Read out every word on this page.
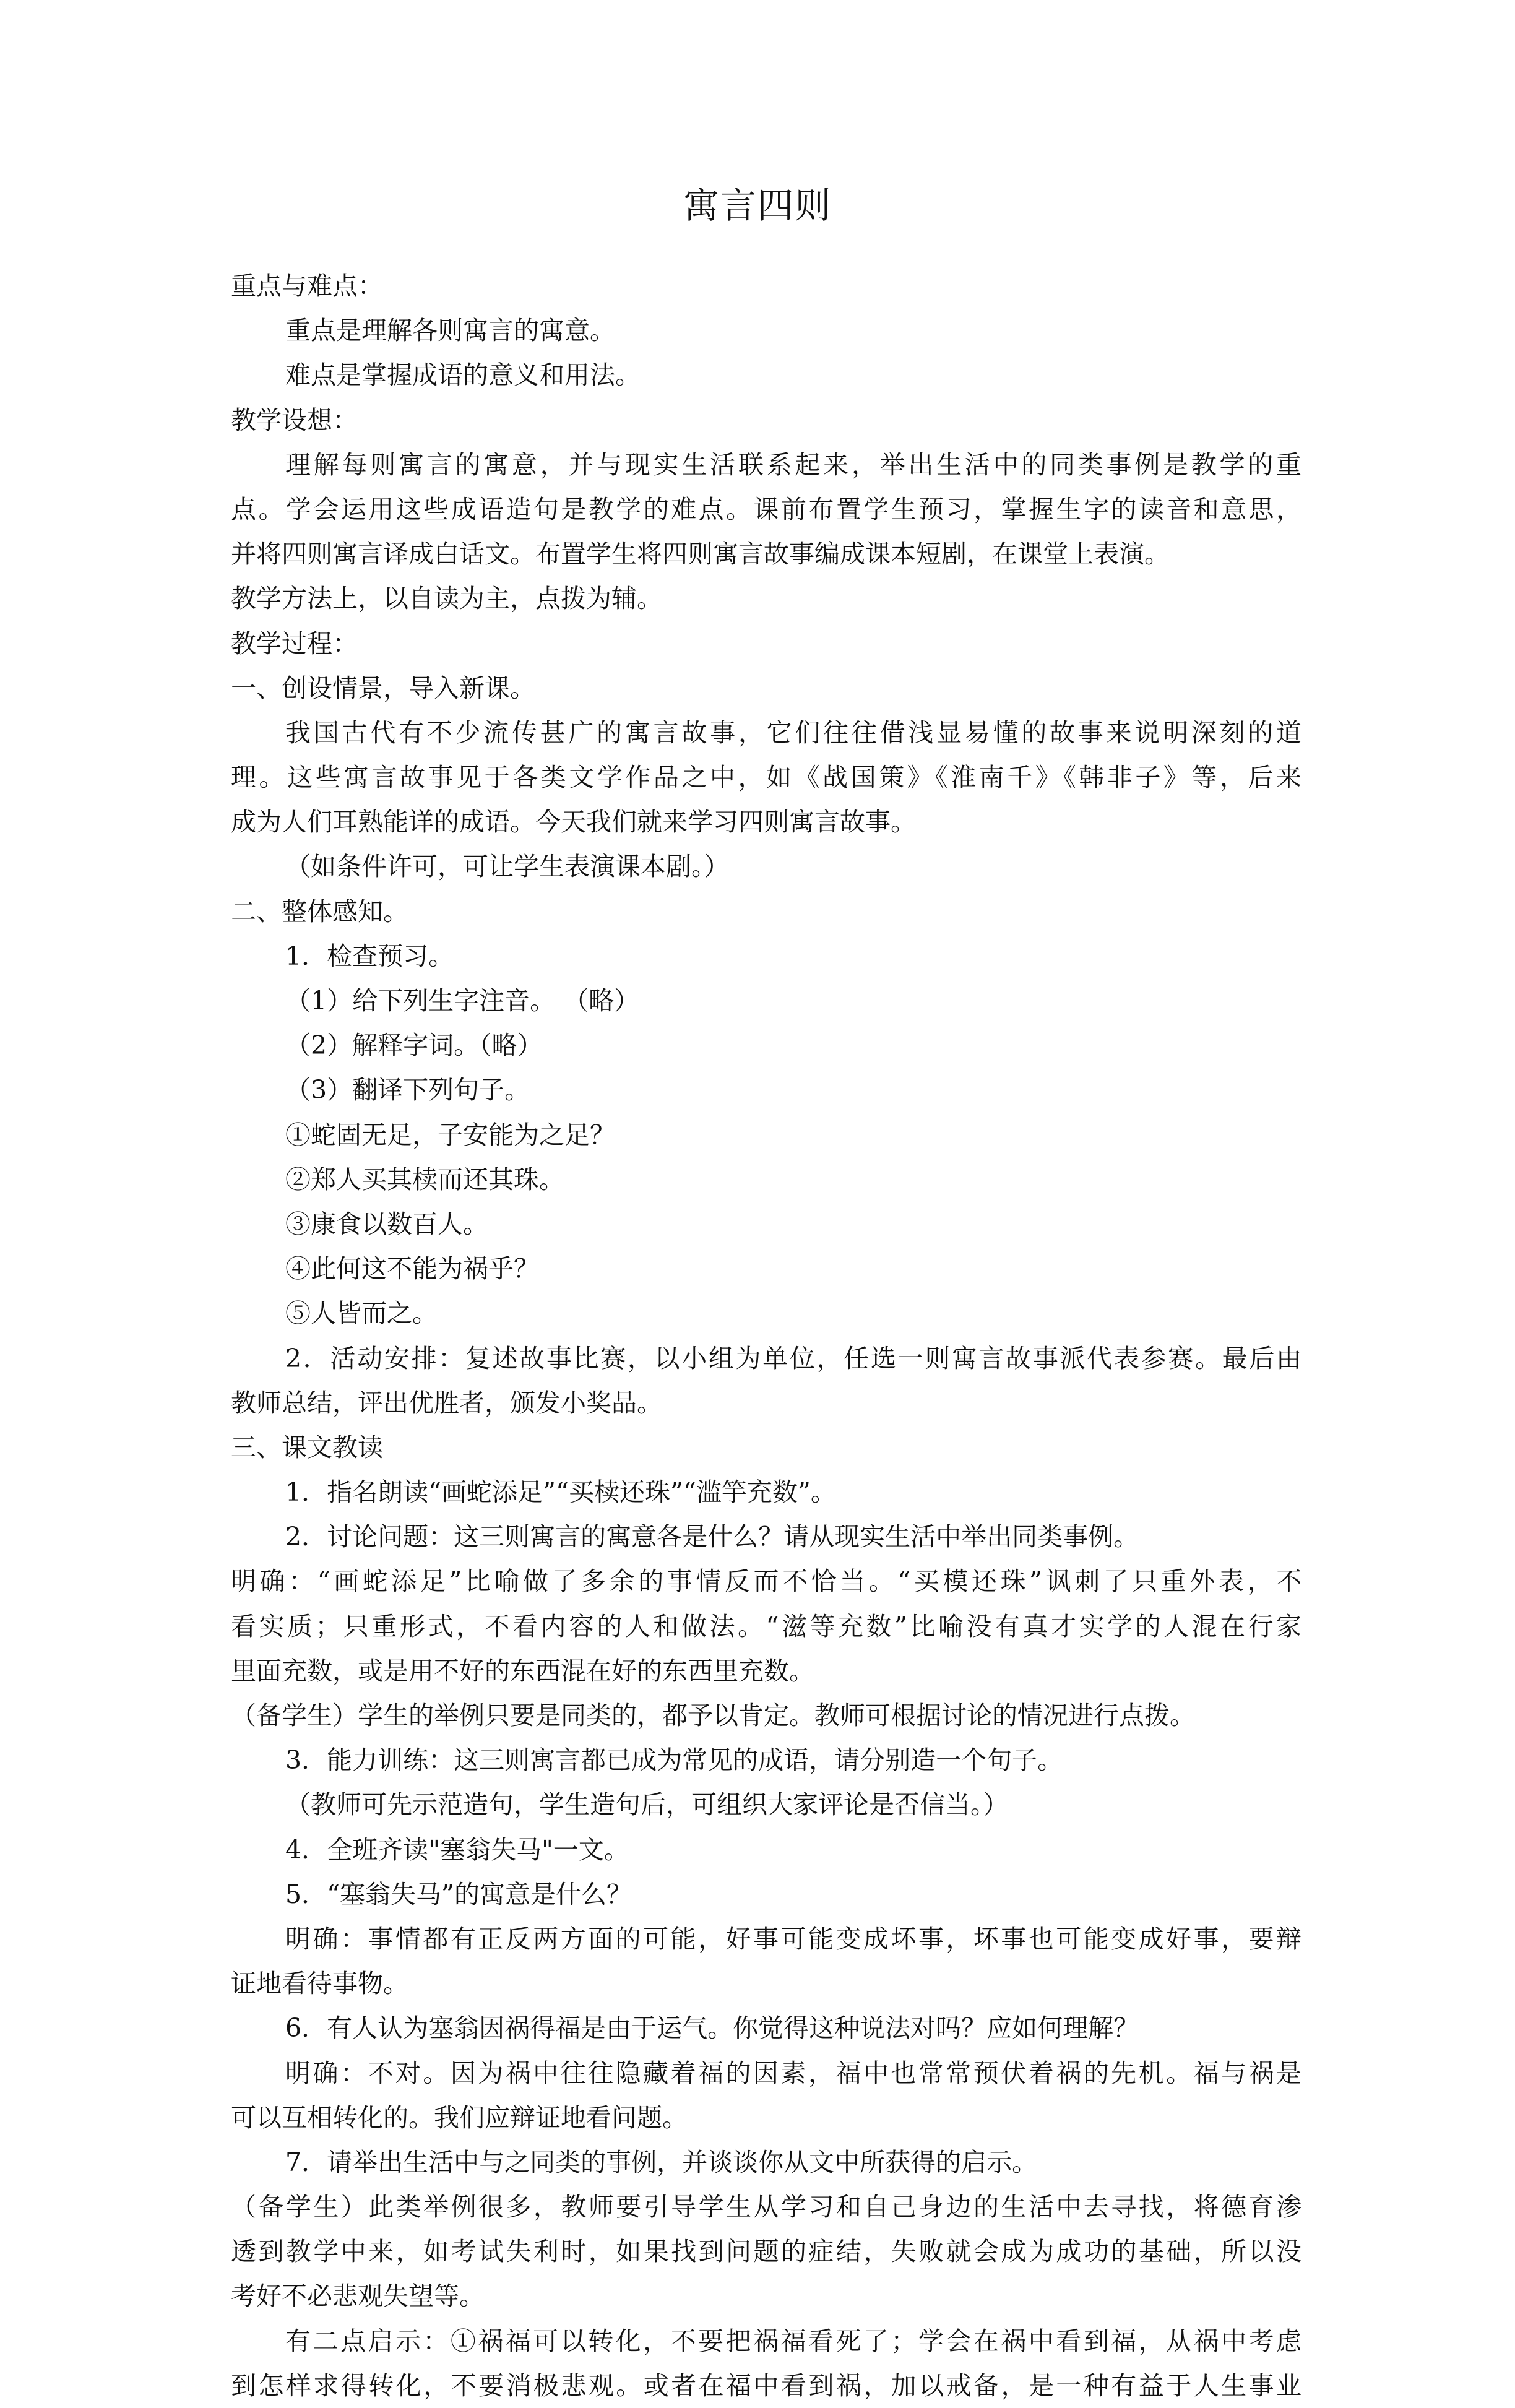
寓言四则
重点与难点：
重点是理解各则寓言的寓意。
难点是掌握成语的意义和用法。
教学设想：
理解每则寓言的寓意，并与现实生活联系起来，举出生活中的同类事例是教学的重
点。学会运用这些成语造句是教学的难点。课前布置学生预习，掌握生字的读音和意思，
并将四则寓言译成白话文。布置学生将四则寓言故事编成课本短剧，在课堂上表演。
教学方法上，以自读为主，点拨为辅。
教学过程：
一、创设情景，导入新课。
我国古代有不少流传甚广的寓言故事，它们往往借浅显易懂的故事来说明深刻的道
理。这些寓言故事见于各类文学作品之中，如《战国策》《淮南千》《韩非子》等，后来
成为人们耳熟能详的成语。今天我们就来学习四则寓言故事。
（如条件许可，可让学生表演课本剧。）
二、整体感知。
1．检查预习。
（1）给下列生字注音。 （略）
（2）解释字词。（略）
（3）翻译下列句子。
①蛇固无足，子安能为之足？
②郑人买其椟而还其珠。
③康食以数百人。
④此何这不能为祸乎？
⑤人皆而之。
2．活动安排：复述故事比赛，以小组为单位，任选一则寓言故事派代表参赛。最后由
教师总结，评出优胜者，颁发小奖品。
三、课文教读
1．指名朗读“画蛇添足”“买椟还珠”“滥竽充数”。
2．讨论问题：这三则寓言的寓意各是什么？请从现实生活中举出同类事例。
明确：“画蛇添足”比喻做了多余的事情反而不恰当。“买模还珠”讽刺了只重外表，不
看实质；只重形式，不看内容的人和做法。“滋等充数”比喻没有真才实学的人混在行家
里面充数，或是用不好的东西混在好的东西里充数。
（备学生）学生的举例只要是同类的，都予以肯定。教师可根据讨论的情况进行点拨。
3．能力训练：这三则寓言都已成为常见的成语，请分别造一个句子。
（教师可先示范造句，学生造句后，可组织大家评论是否信当。）
4．全班齐读"塞翁失马"一文。
5．“塞翁失马”的寓意是什么？
明确：事情都有正反两方面的可能，好事可能变成坏事，坏事也可能变成好事，要辩
证地看待事物。
6．有人认为塞翁因祸得福是由于运气。你觉得这种说法对吗？应如何理解？
明确：不对。因为祸中往往隐藏着福的因素，福中也常常预伏着祸的先机。福与祸是
可以互相转化的。我们应辩证地看问题。
7．请举出生活中与之同类的事例，并谈谈你从文中所获得的启示。
（备学生）此类举例很多，教师要引导学生从学习和自己身边的生活中去寻找，将德育渗
透到教学中来，如考试失利时，如果找到问题的症结，失败就会成为成功的基础，所以没
考好不必悲观失望等。
有二点启示：①祸福可以转化，不要把祸福看死了；学会在祸中看到福，从祸中考虑
到怎样求得转化，不要消极悲观。或者在福中看到祸，加以戒备，是一种有益于人生事业
